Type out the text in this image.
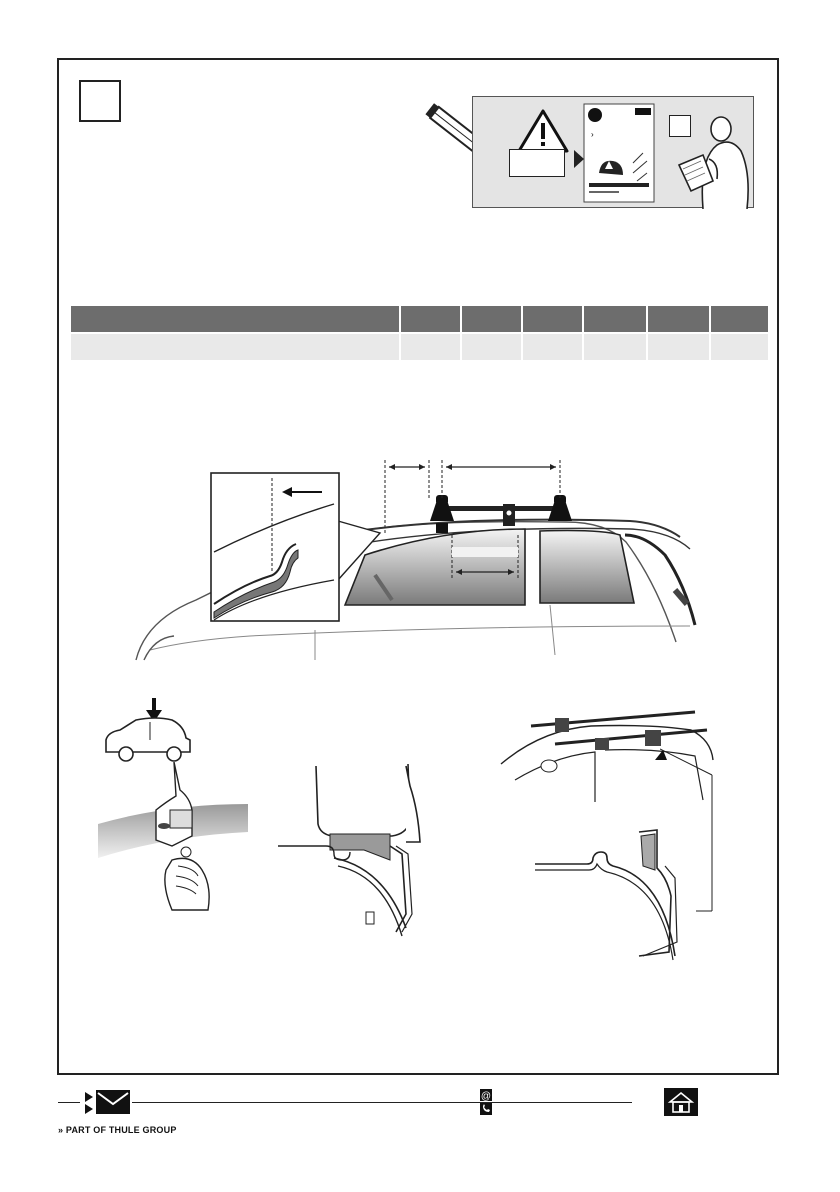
›

@
» PART OF THULE GROUP
